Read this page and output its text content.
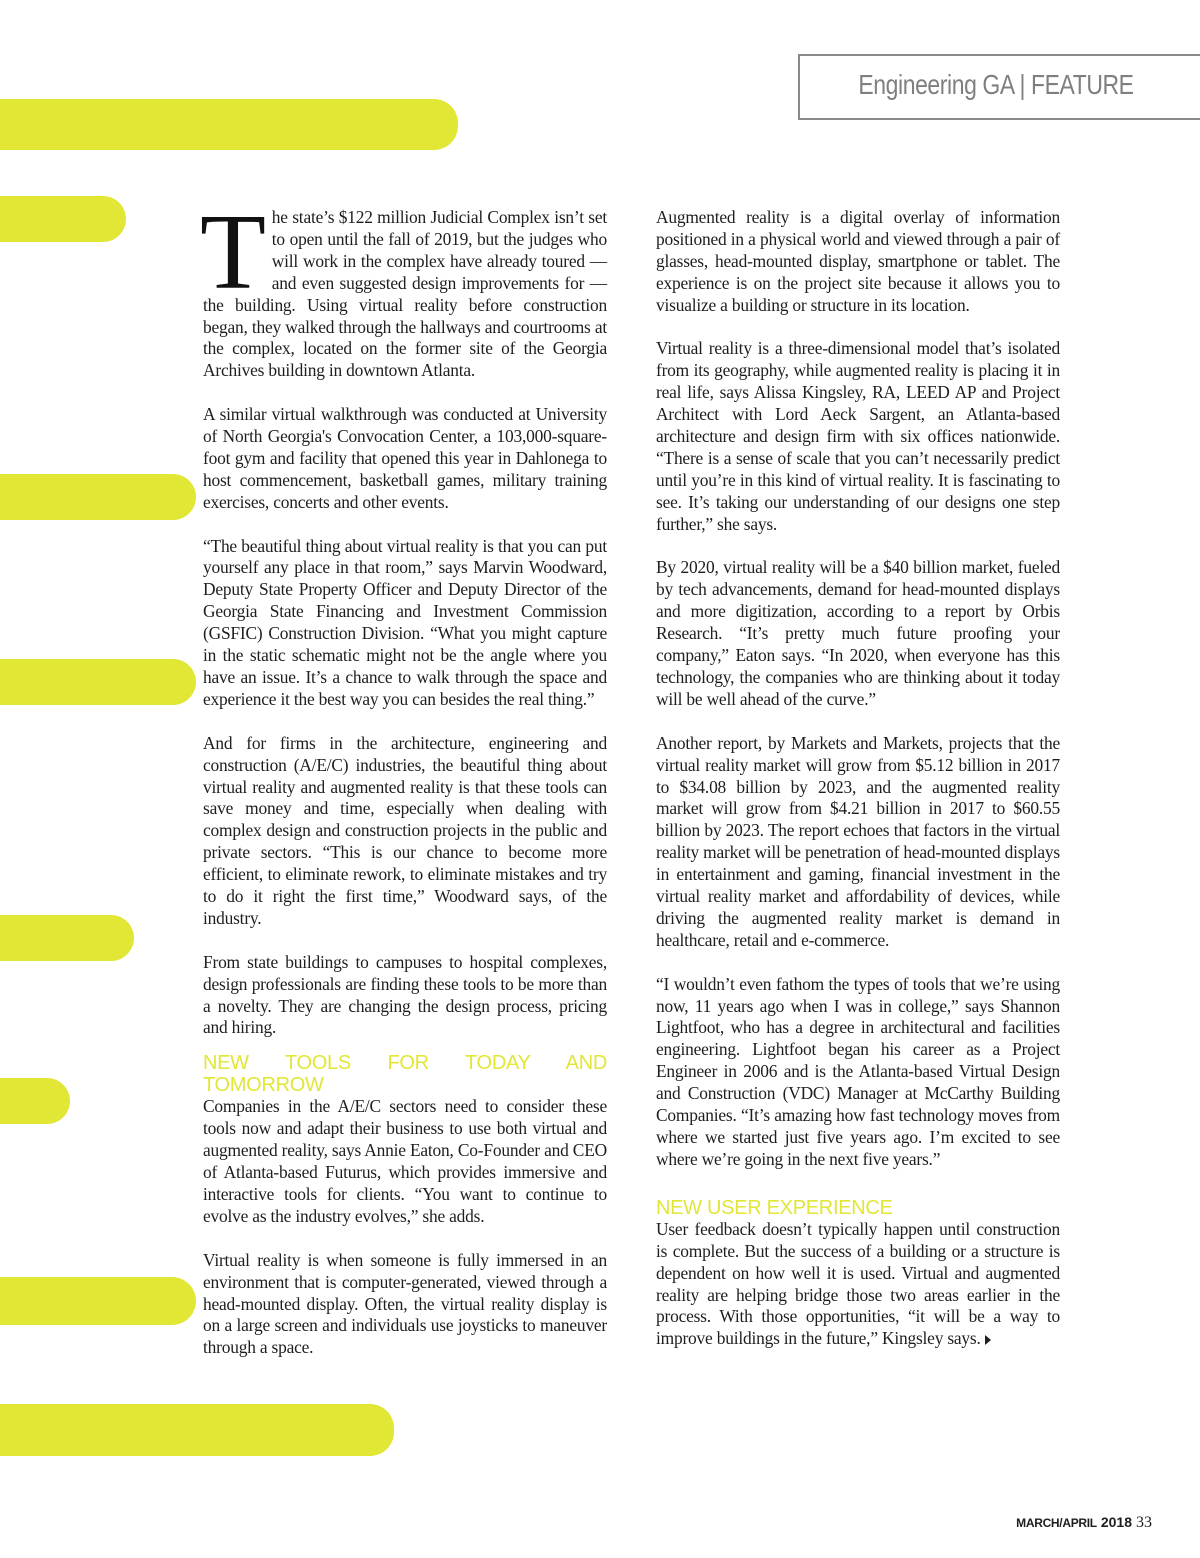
Engineering GA | FEATURE

The state’s $122 million Judicial Complex isn’t set to open until the fall of 2019, but the judges who will work in the complex have already toured — and even suggested design improvements for — the building. Using virtual reality before construction began, they walked through the hallways and courtrooms at the complex, located on the former site of the Georgia Archives building in downtown Atlanta.

A similar virtual walkthrough was conducted at University of North Georgia's Convocation Center, a 103,000-square-foot gym and facility that opened this year in Dahlonega to host commencement, basketball games, military training exercises, concerts and other events.

“The beautiful thing about virtual reality is that you can put yourself any place in that room,” says Marvin Woodward, Deputy State Property Officer and Deputy Director of the Georgia State Financing and Investment Commission (GSFIC) Construction Division. “What you might capture in the static schematic might not be the angle where you have an issue. It’s a chance to walk through the space and experience it the best way you can besides the real thing.”

And for firms in the architecture, engineering and construction (A/E/C) industries, the beautiful thing about virtual reality and augmented reality is that these tools can save money and time, especially when dealing with complex design and construction projects in the public and private sectors. “This is our chance to become more efficient, to eliminate rework, to eliminate mistakes and try to do it right the first time,” Woodward says, of the industry.

From state buildings to campuses to hospital complexes, design professionals are finding these tools to be more than a novelty. They are changing the design process, pricing and hiring.

NEW TOOLS FOR TODAY AND TOMORROW

Companies in the A/E/C sectors need to consider these tools now and adapt their business to use both virtual and augmented reality, says Annie Eaton, Co-Founder and CEO of Atlanta-based Futurus, which provides immersive and interactive tools for clients. “You want to continue to evolve as the industry evolves,” she adds.

Virtual reality is when someone is fully immersed in an environment that is computer-generated, viewed through a head-mounted display. Often, the virtual reality display is on a large screen and individuals use joysticks to maneuver through a space.

Augmented reality is a digital overlay of information positioned in a physical world and viewed through a pair of glasses, head-mounted display, smartphone or tablet. The experience is on the project site because it allows you to visualize a building or structure in its location.

Virtual reality is a three-dimensional model that’s isolated from its geography, while augmented reality is placing it in real life, says Alissa Kingsley, RA, LEED AP and Project Architect with Lord Aeck Sargent, an Atlanta-based architecture and design firm with six offices nationwide. “There is a sense of scale that you can’t necessarily predict until you’re in this kind of virtual reality. It is fascinating to see. It’s taking our understanding of our designs one step further,” she says.

By 2020, virtual reality will be a $40 billion market, fueled by tech advancements, demand for head-mounted displays and more digitization, according to a report by Orbis Research. “It’s pretty much future proofing your company,” Eaton says. “In 2020, when everyone has this technology, the companies who are thinking about it today will be well ahead of the curve.”

Another report, by Markets and Markets, projects that the virtual reality market will grow from $5.12 billion in 2017 to $34.08 billion by 2023, and the augmented reality market will grow from $4.21 billion in 2017 to $60.55 billion by 2023. The report echoes that factors in the virtual reality market will be penetration of head-mounted displays in entertainment and gaming, financial investment in the virtual reality market and affordability of devices, while driving the augmented reality market is demand in healthcare, retail and e-commerce.

“I wouldn’t even fathom the types of tools that we’re using now, 11 years ago when I was in college,” says Shannon Lightfoot, who has a degree in architectural and facilities engineering. Lightfoot began his career as a Project Engineer in 2006 and is the Atlanta-based Virtual Design and Construction (VDC) Manager at McCarthy Building Companies. “It’s amazing how fast technology moves from where we started just five years ago. I’m excited to see where we’re going in the next five years.”

NEW USER EXPERIENCE

User feedback doesn’t typically happen until construction is complete. But the success of a building or a structure is dependent on how well it is used. Virtual and augmented reality are helping bridge those two areas earlier in the process. With those opportunities, “it will be a way to improve buildings in the future,” Kingsley says.

MARCH/APRIL 2018 33
